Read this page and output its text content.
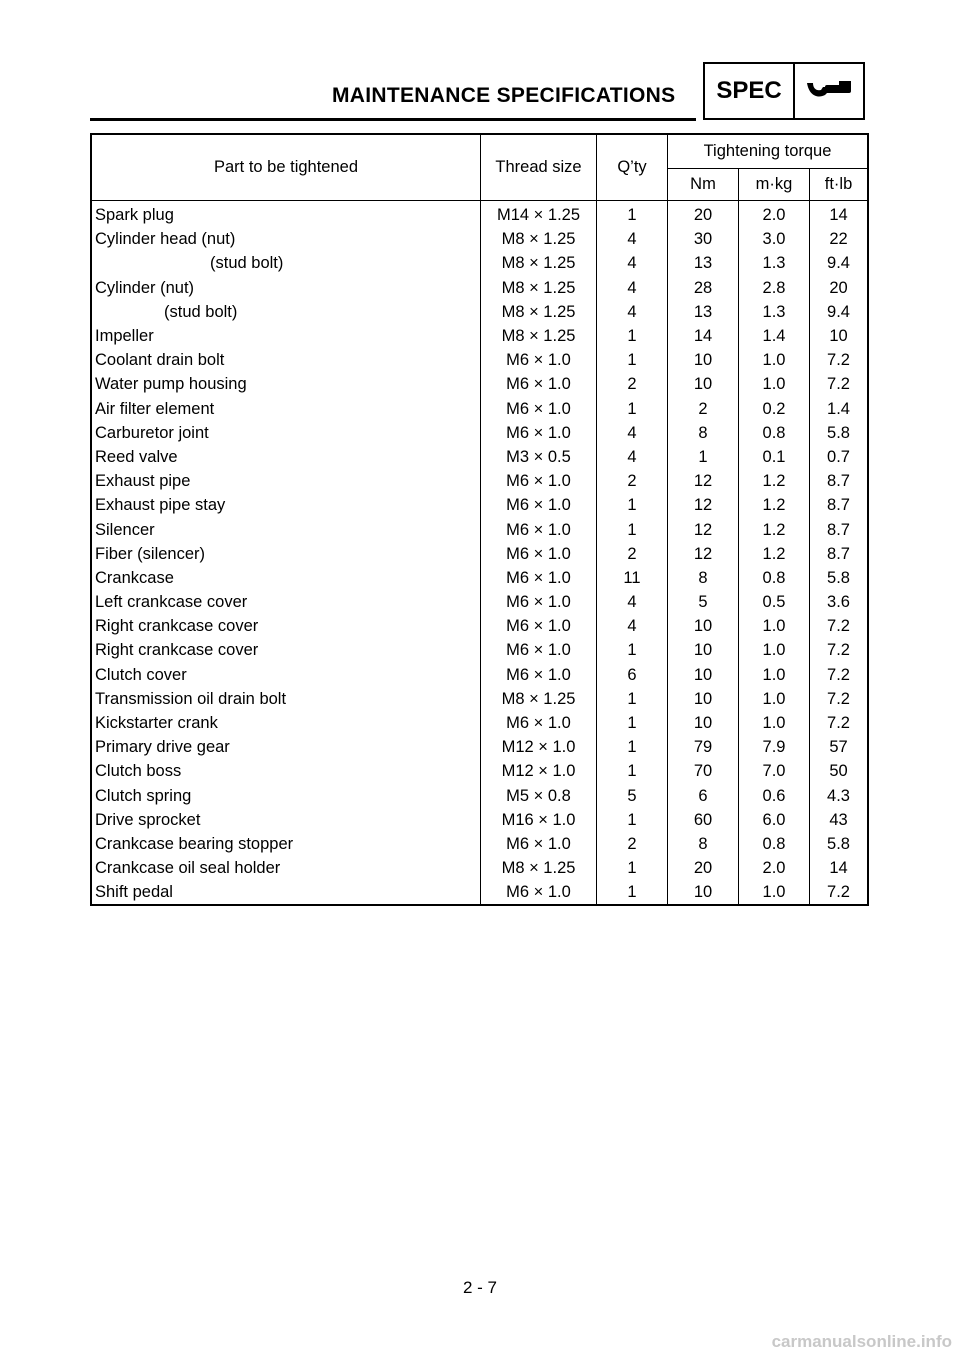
MAINTENANCE SPECIFICATIONS	SPEC
Part to be tightened	Thread size	Q’ty	Tightening torque		
			Nm	m·kg	ft·lb
Spark plug	M14 × 1.25	1	20	2.0	14
Cylinder head (nut)	M8 × 1.25	4	30	3.0	22
(stud bolt)	M8 × 1.25	4	13	1.3	9.4
Cylinder (nut)	M8 × 1.25	4	28	2.8	20
(stud bolt)	M8 × 1.25	4	13	1.3	9.4
Impeller	M8 × 1.25	1	14	1.4	10
Coolant drain bolt	M6 × 1.0	1	10	1.0	7.2
Water pump housing	M6 × 1.0	2	10	1.0	7.2
Air filter element	M6 × 1.0	1	2	0.2	1.4
Carburetor joint	M6 × 1.0	4	8	0.8	5.8
Reed valve	M3 × 0.5	4	1	0.1	0.7
Exhaust pipe	M6 × 1.0	2	12	1.2	8.7
Exhaust pipe stay	M6 × 1.0	1	12	1.2	8.7
Silencer	M6 × 1.0	1	12	1.2	8.7
Fiber (silencer)	M6 × 1.0	2	12	1.2	8.7
Crankcase	M6 × 1.0	11	8	0.8	5.8
Left crankcase cover	M6 × 1.0	4	5	0.5	3.6
Right crankcase cover	M6 × 1.0	4	10	1.0	7.2
Right crankcase cover	M6 × 1.0	1	10	1.0	7.2
Clutch cover	M6 × 1.0	6	10	1.0	7.2
Transmission oil drain bolt	M8 × 1.25	1	10	1.0	7.2
Kickstarter crank	M6 × 1.0	1	10	1.0	7.2
Primary drive gear	M12 × 1.0	1	79	7.9	57
Clutch boss	M12 × 1.0	1	70	7.0	50
Clutch spring	M5 × 0.8	5	6	0.6	4.3
Drive sprocket	M16 × 1.0	1	60	6.0	43
Crankcase bearing stopper	M6 × 1.0	2	8	0.8	5.8
Crankcase oil seal holder	M8 × 1.25	1	20	2.0	14
Shift pedal	M6 × 1.0	1	10	1.0	7.2
2 - 7
carmanualsonline.info
